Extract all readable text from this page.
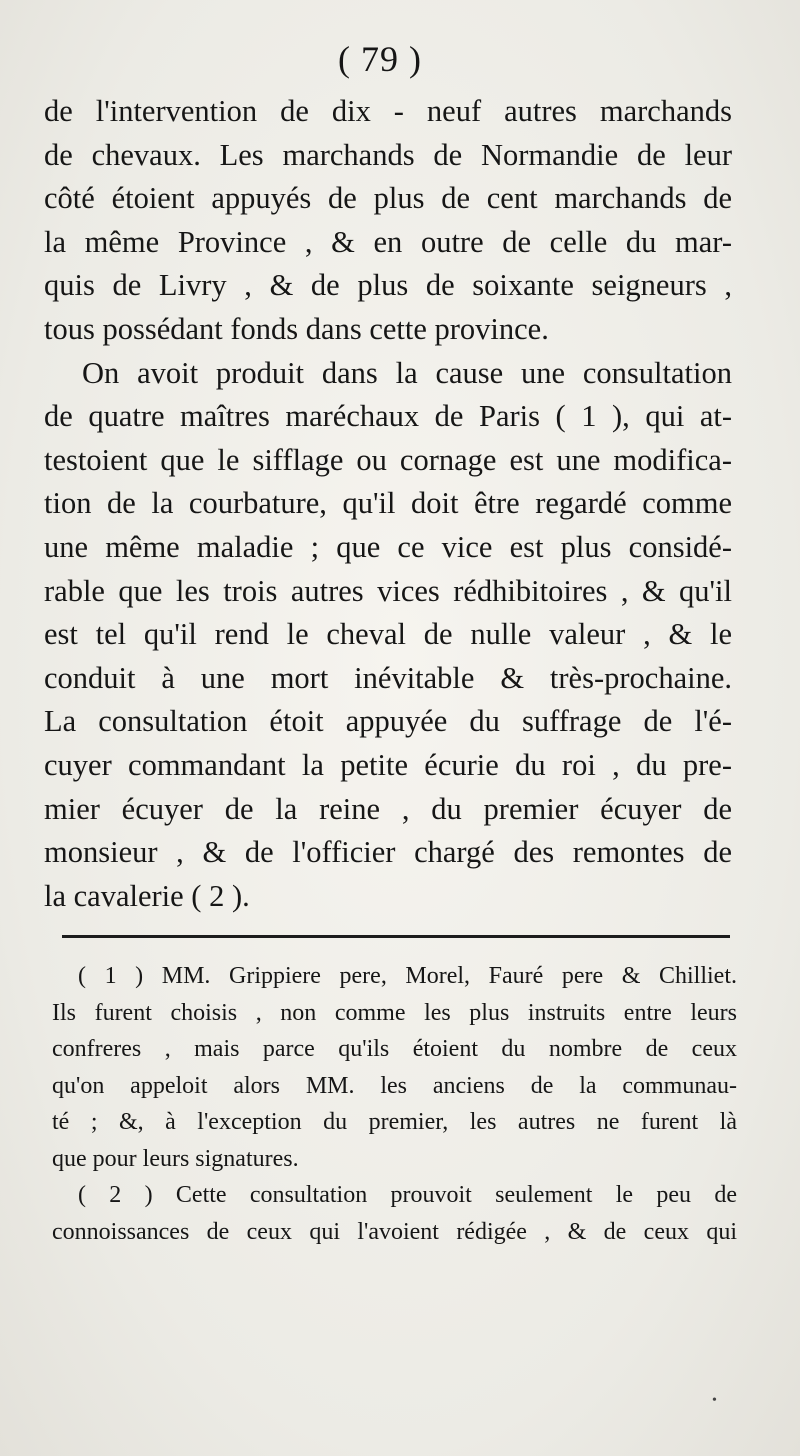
( 79 )
de l'intervention de dix - neuf autres marchands
de chevaux. Les marchands de Normandie de leur
côté étoient appuyés de plus de cent marchands de
la même Province , & en outre de celle du mar-
quis de Livry , & de plus de soixante seigneurs ,
tous possédant fonds dans cette province.
On avoit produit dans la cause une consultation
de quatre maîtres maréchaux de Paris ( 1 ), qui at-
testoient que le sifflage ou cornage est une modifica-
tion de la courbature, qu'il doit être regardé comme
une même maladie ; que ce vice est plus considé-
rable que les trois autres vices rédhibitoires , & qu'il
est tel qu'il rend le cheval de nulle valeur , & le
conduit à une mort inévitable & très-prochaine.
La consultation étoit appuyée du suffrage de l'é-
cuyer commandant la petite écurie du roi , du pre-
mier écuyer de la reine , du premier écuyer de
monsieur , & de l'officier chargé des remontes de
la cavalerie ( 2 ).
( 1 ) MM. Grippiere pere, Morel, Fauré pere & Chilliet.
Ils furent choisis , non comme les plus instruits entre leurs
confreres , mais parce qu'ils étoient du nombre de ceux
qu'on appeloit alors MM. les anciens de la communau-
té ; &, à l'exception du premier, les autres ne furent là
que pour leurs signatures.
( 2 ) Cette consultation prouvoit seulement le peu de
connoissances de ceux qui l'avoient rédigée , & de ceux qui
•
